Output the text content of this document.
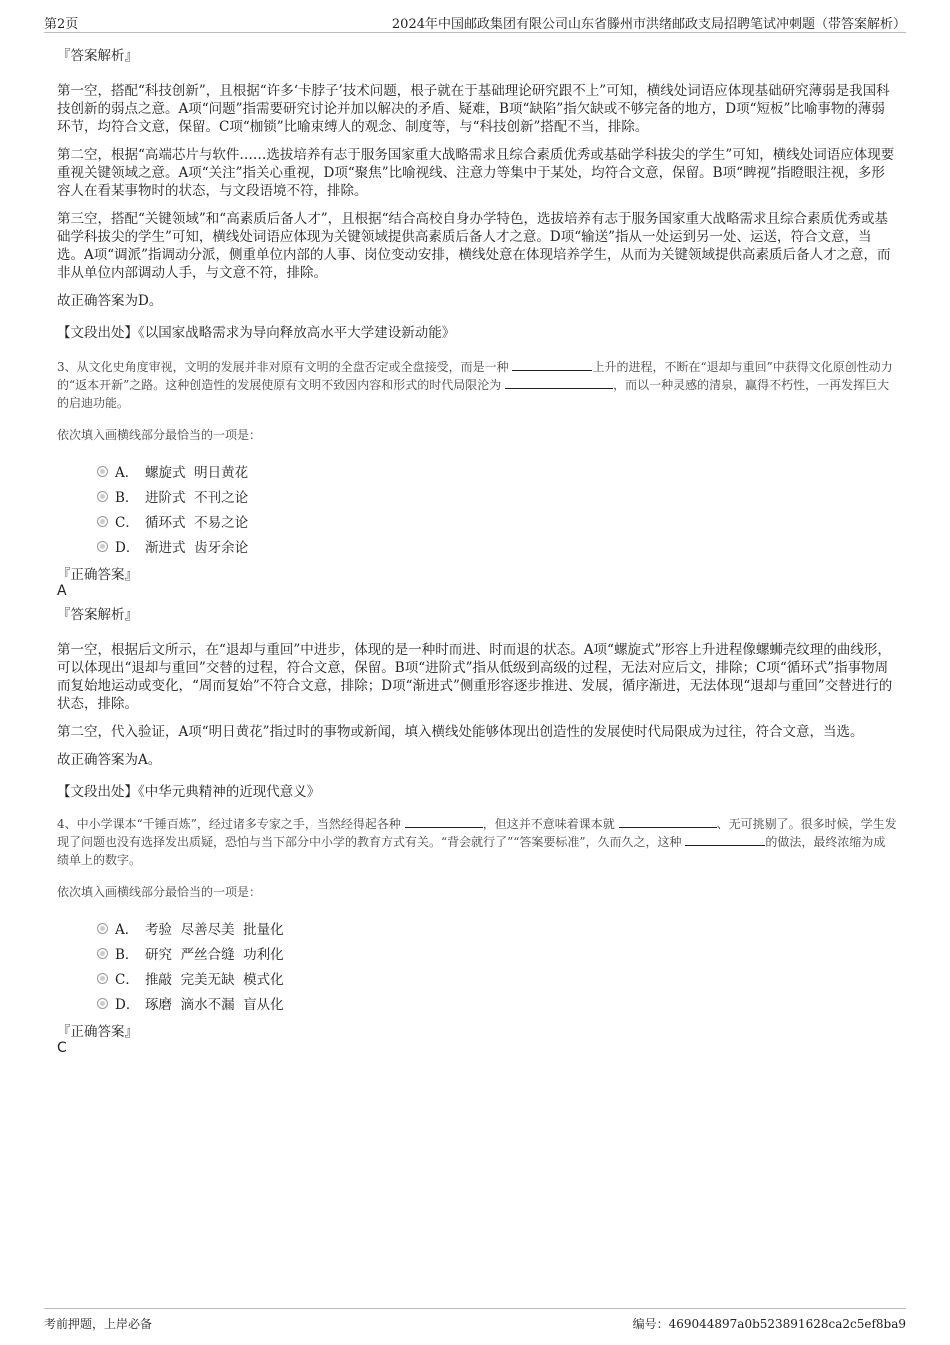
第2页	2024年中国邮政集团有限公司山东省滕州市洪绪邮政支局招聘笔试冲刺题（带答案解析）

『答案解析』

第一空，搭配“科技创新”，且根据“许多‘卡脖子’技术问题，根子就在于基础理论研究跟不上”可知，横线处词语应体现基础研究薄弱是我国科技创新的弱点之意。A项“问题”指需要研究讨论并加以解决的矛盾、疑难，B项“缺陷”指欠缺或不够完备的地方，D项“短板”比喻事物的薄弱环节，均符合文意，保留。C项“枷锁”比喻束缚人的观念、制度等，与“科技创新”搭配不当，排除。

第二空，根据“高端芯片与软件……选拔培养有志于服务国家重大战略需求且综合素质优秀或基础学科拔尖的学生”可知，横线处词语应体现要重视关键领域之意。A项“关注”指关心重视，D项“聚焦”比喻视线、注意力等集中于某处，均符合文意，保留。B项“睥视”指瞪眼注视，多形容人在看某事物时的状态，与文段语境不符，排除。

第三空，搭配“关键领域”和“高素质后备人才”，且根据“结合高校自身办学特色，选拔培养有志于服务国家重大战略需求且综合素质优秀或基础学科拔尖的学生”可知，横线处词语应体现为关键领域提供高素质后备人才之意。D项“输送”指从一处运到另一处、运送，符合文意，当选。A项“调派”指调动分派，侧重单位内部的人事、岗位变动安排，横线处意在体现培养学生，从而为关键领域提供高素质后备人才之意，而非从单位内部调动人手，与文意不符，排除。

故正确答案为D。

【文段出处】《以国家战略需求为导向释放高水平大学建设新动能》

3、从文化史角度审视，文明的发展并非对原有文明的全盘否定或全盘接受，而是一种	上升的进程，不断在“退却与重回”中获得文化原创性动力的“返本开新”之路。这种创造性的发展使原有文明不致因内容和形式的时代局限沦为	，而以一种灵感的清泉，赢得不朽性，一再发挥巨大的启迪功能。

依次填入画横线部分最恰当的一项是：

A． 螺旋式  明日黄花
B． 进阶式  不刊之论
C． 循环式  不易之论
D． 渐进式  齿牙余论

『正确答案』

A

『答案解析』

第一空，根据后文所示，在“退却与重回”中进步，体现的是一种时而进、时而退的状态。A项“螺旋式”形容上升进程像螺蛳壳纹理的曲线形，可以体现出“退却与重回”交替的过程，符合文意，保留。B项“进阶式”指从低级到高级的过程，无法对应后文，排除；C项“循环式”指事物周而复始地运动或变化，“周而复始”不符合文意，排除；D项“渐进式”侧重形容逐步推进、发展，循序渐进，无法体现“退却与重回”交替进行的状态，排除。

第二空，代入验证，A项“明日黄花”指过时的事物或新闻，填入横线处能够体现出创造性的发展使时代局限成为过往，符合文意，当选。

故正确答案为A。

【文段出处】《中华元典精神的近现代意义》

4、中小学课本“千锤百炼”，经过诸多专家之手，当然经得起各种	，但这并不意味着课本就	、无可挑剔了。很多时候，学生发现了问题也没有选择发出质疑，恐怕与当下部分中小学的教育方式有关。“背会就行了”“答案要标准”，久而久之，这种	的做法，最终浓缩为成绩单上的数字。

依次填入画横线部分最恰当的一项是：

A． 考验  尽善尽美  批量化
B． 研究  严丝合缝  功利化
C． 推敲  完美无缺  模式化
D． 琢磨  滴水不漏  盲从化

『正确答案』

C

考前押题，上岸必备	编号：469044897a0b523891628ca2c5ef8ba9
